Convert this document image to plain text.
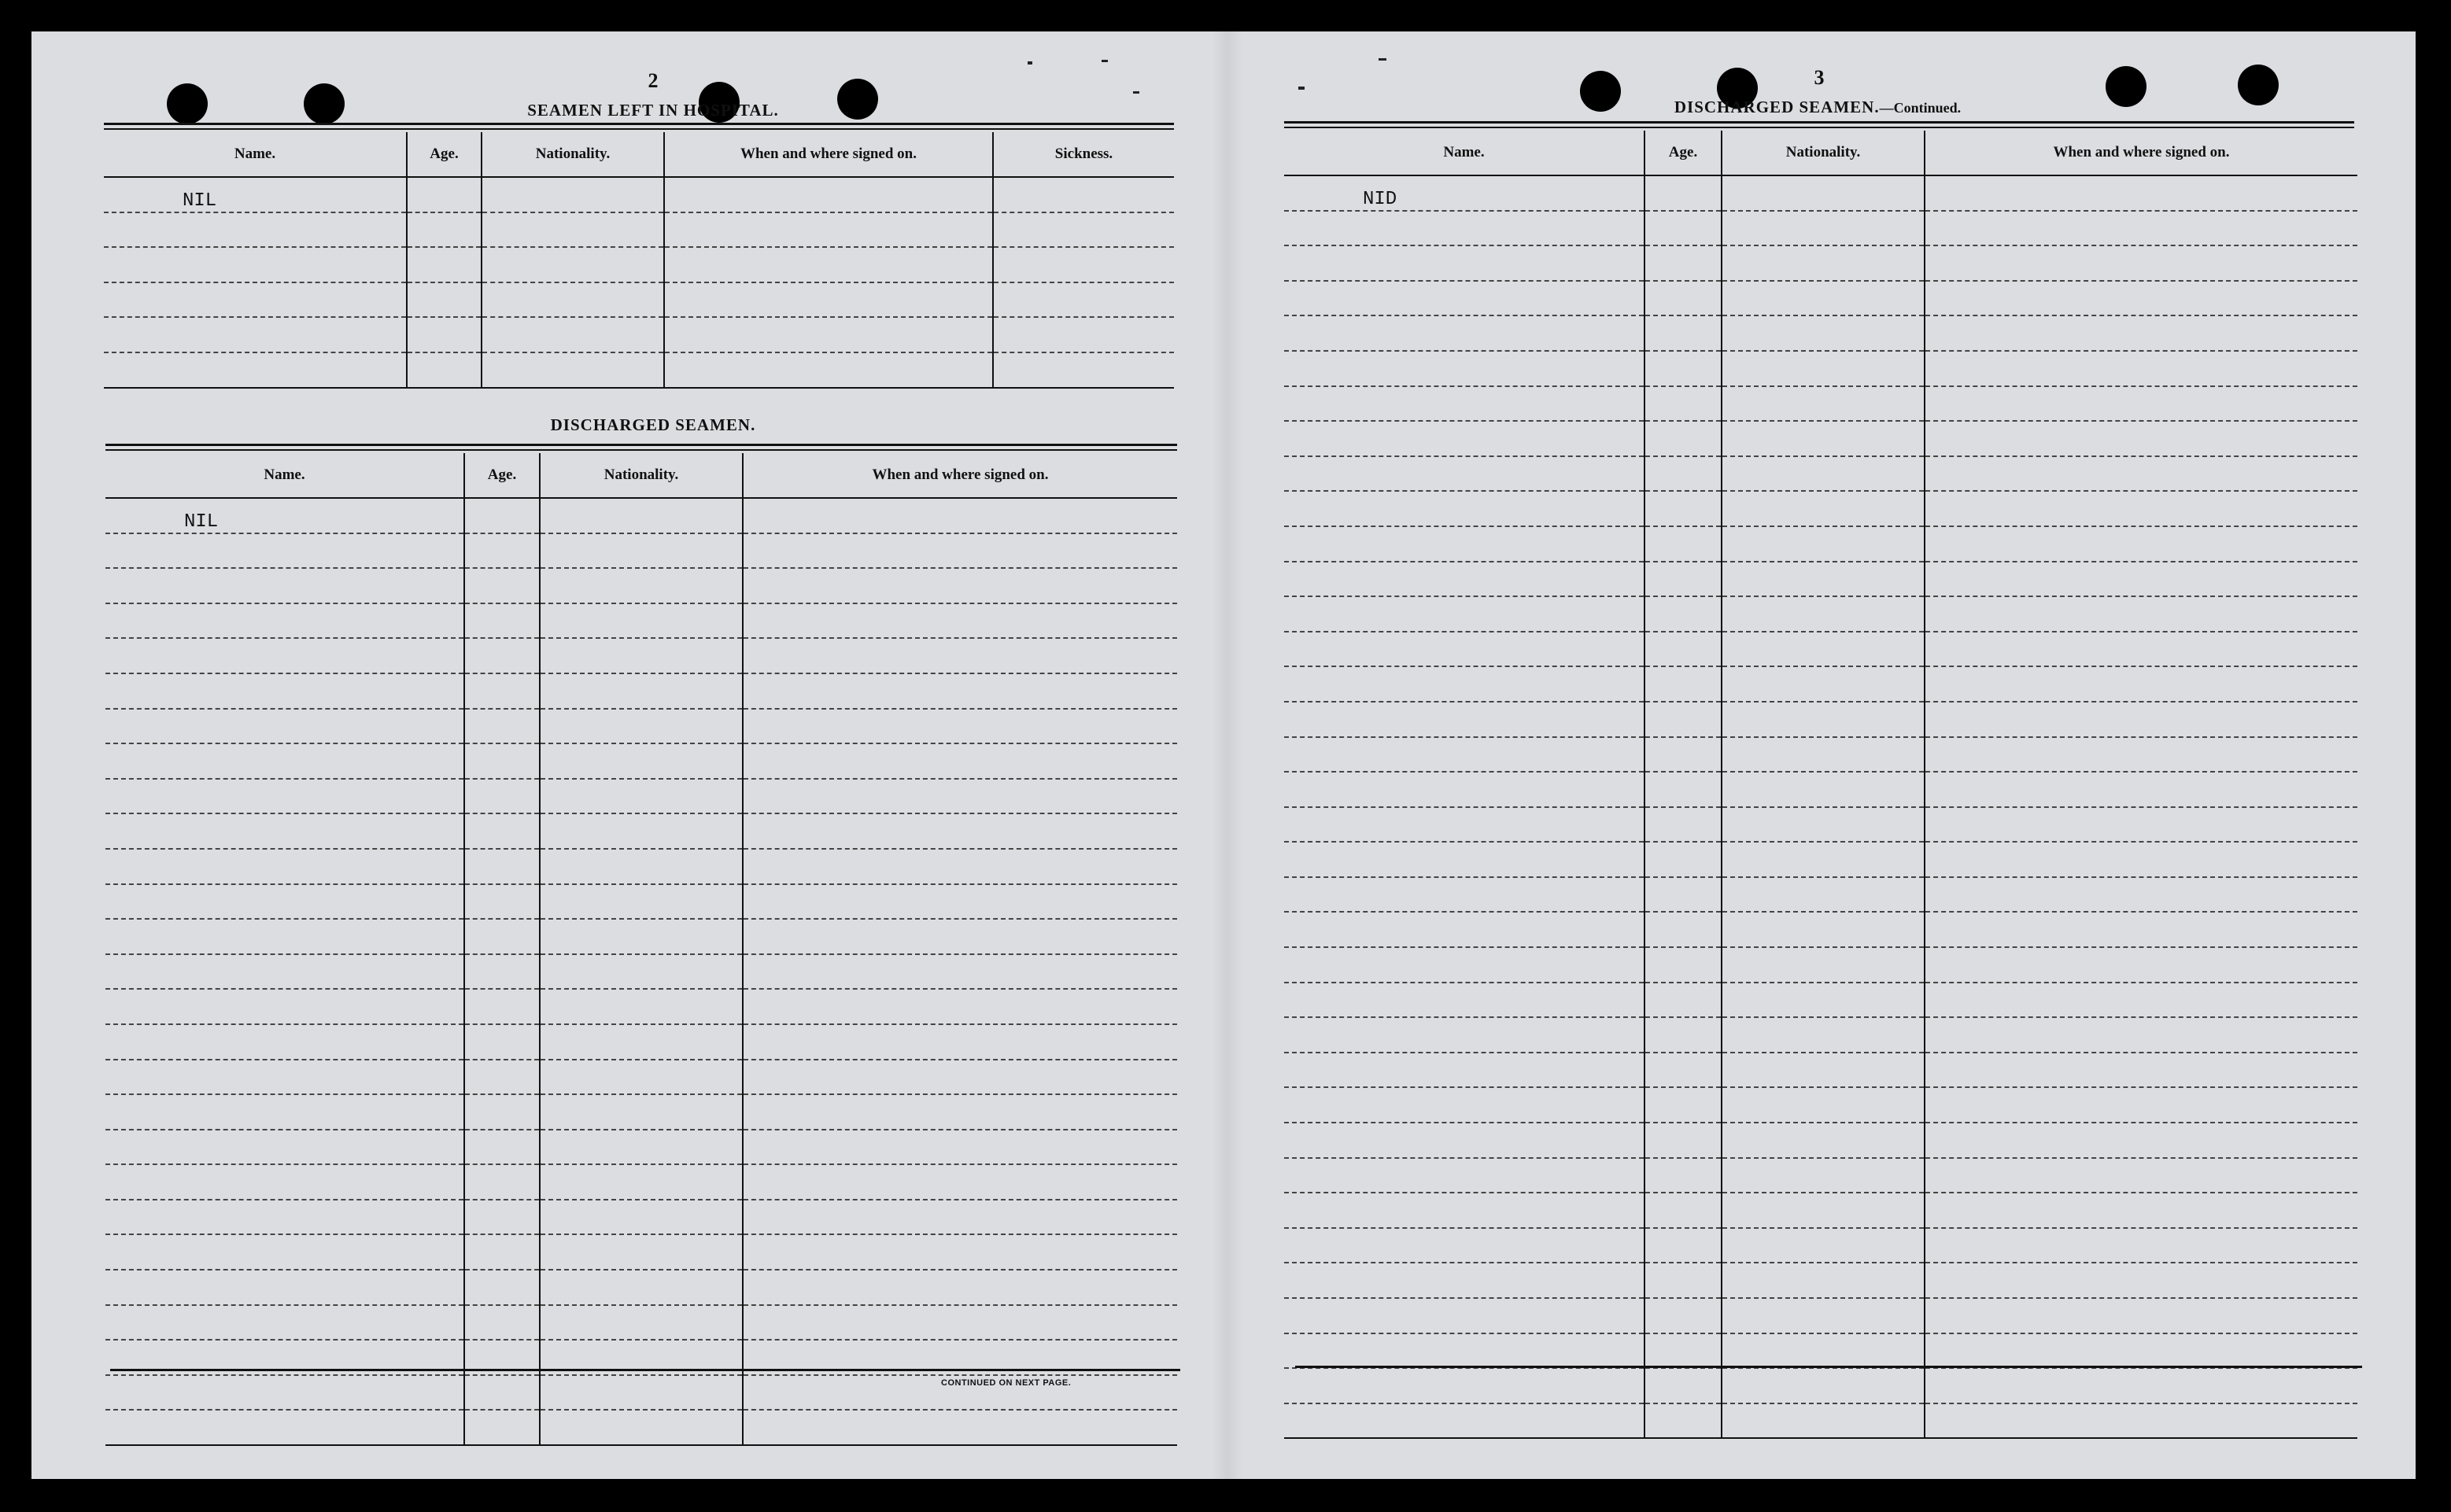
2
SEAMEN LEFT IN HOSPITAL.
Name.	Age.	Nationality.	When and where signed on.	Sickness.
NIL				

DISCHARGED SEAMEN.
Name.	Age.	Nationality.	When and where signed on.
NIL			

CONTINUED ON NEXT PAGE.
3
DISCHARGED SEAMEN.—Continued.
Name.	Age.	Nationality.	When and where signed on.
NID			
